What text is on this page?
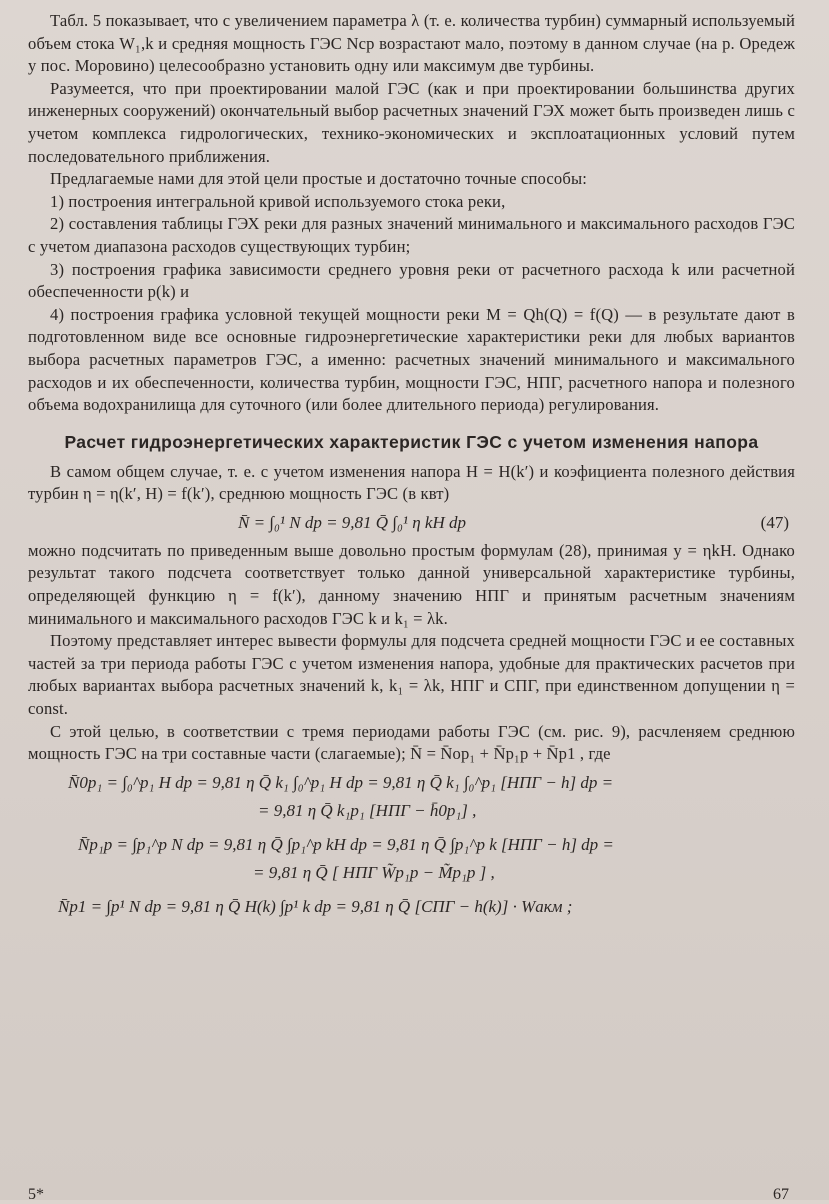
Табл. 5 показывает, что с увеличением параметра λ (т. е. количества турбин) суммарный используемый объем стока W₁,k и средняя мощность ГЭС Nср возрастают мало, поэтому в данном случае (на р. Оредеж у пос. Моровино) целесообразно установить одну или максимум две турбины.

Разумеется, что при проектировании малой ГЭС (как и при проектировании большинства других инженерных сооружений) окончательный выбор расчетных значений ГЭХ может быть произведен лишь с учетом комплекса гидрологических, технико-экономических и эксплоатационных условий путем последовательного приближения.

Предлагаемые нами для этой цели простые и достаточно точные способы:

1) построения интегральной кривой используемого стока реки,

2) составления таблицы ГЭХ реки для разных значений минимального и максимального расходов ГЭС с учетом диапазона расходов существующих турбин;

3) построения графика зависимости среднего уровня реки от расчетного расхода k или расчетной обеспеченности p(k) и

4) построения графика условной текущей мощности реки M = Qh(Q) = f(Q) — в результате дают в подготовленном виде все основные гидроэнергетические характеристики реки для любых вариантов выбора расчетных параметров ГЭС, а именно: расчетных значений минимального и максимального расходов и их обеспеченности, количества турбин, мощности ГЭС, НПГ, расчетного напора и полезного объема водохранилища для суточного (или более длительного периода) регулирования.

Расчет гидроэнергетических характеристик ГЭС с учетом изменения напора

В самом общем случае, т. е. с учетом изменения напора H = H(k′) и коэфициента полезного действия турбин η = η(k′, H) = f(k′), среднюю мощность ГЭС (в квт)

N̄ = ∫₀¹ N dp = 9,81 Q̄ ∫₀¹ η kH dp	(47)

можно подсчитать по приведенным выше довольно простым формулам (28), принимая y = ηkH. Однако результат такого подсчета соответствует только данной универсальной характеристике турбины, определяющей функцию η = f(k′), данному значению НПГ и принятым расчетным значениям минимального и максимального расходов ГЭС k и k₁ = λk.

Поэтому представляет интерес вывести формулы для подсчета средней мощности ГЭС и ее составных частей за три периода работы ГЭС с учетом изменения напора, удобные для практических расчетов при любых вариантах выбора расчетных значений k, k₁ = λk, НПГ и СПГ, при единственном допущении η = const.

С этой целью, в соответствии с тремя периодами работы ГЭС (см. рис. 9), расчленяем среднюю мощность ГЭС на три составные части (слагаемые); N̄ = N̄op₁ + N̄p₁p + N̄p1 , где

N̄0p₁ = ∫₀^p₁ H dp = 9,81 η Q̄ k₁ ∫₀^p₁ H dp = 9,81 η Q̄ k₁ ∫₀^p₁ [НПГ − h] dp =
= 9,81 η Q̄ k₁p₁ [НПГ − h̄0p₁] ,
N̄p₁p = ∫p₁^p N dp = 9,81 η Q̄ ∫p₁^p kH dp = 9,81 η Q̄ ∫p₁^p k [НПГ − h] dp =
= 9,81 η Q̄ [ НПГ W̃p₁p − M̃p₁p ] ,
N̄p1 = ∫p¹ N dp = 9,81 η Q̄ H(k) ∫p¹ k dp = 9,81 η Q̄ [СПГ − h(k)] · Wакм ;
5*	67
